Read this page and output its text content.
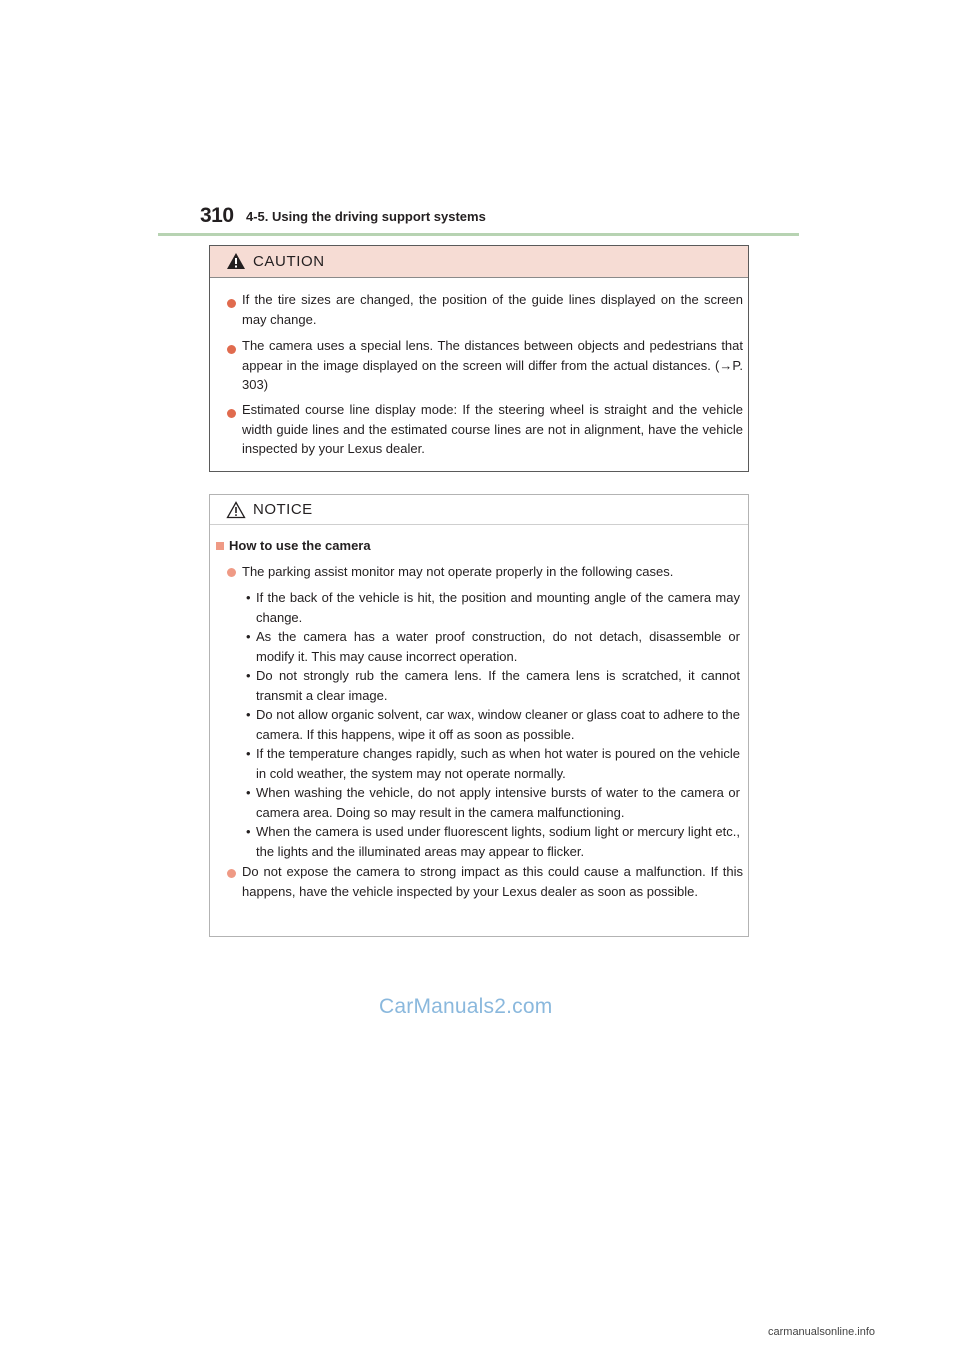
310 4-5. Using the driving support systems
CAUTION
If the tire sizes are changed, the position of the guide lines displayed on the screen may change.
The camera uses a special lens. The distances between objects and pedestrians that appear in the image displayed on the screen will differ from the actual distances. (→P. 303)
Estimated course line display mode: If the steering wheel is straight and the vehicle width guide lines and the estimated course lines are not in alignment, have the vehicle inspected by your Lexus dealer.
NOTICE
How to use the camera
The parking assist monitor may not operate properly in the following cases.
• If the back of the vehicle is hit, the position and mounting angle of the camera may change.
• As the camera has a water proof construction, do not detach, disassemble or modify it. This may cause incorrect operation.
• Do not strongly rub the camera lens. If the camera lens is scratched, it cannot transmit a clear image.
• Do not allow organic solvent, car wax, window cleaner or glass coat to adhere to the camera. If this happens, wipe it off as soon as possible.
• If the temperature changes rapidly, such as when hot water is poured on the vehicle in cold weather, the system may not operate normally.
• When washing the vehicle, do not apply intensive bursts of water to the camera or camera area. Doing so may result in the camera malfunctioning.
• When the camera is used under fluorescent lights, sodium light or mercury light etc., the lights and the illuminated areas may appear to flicker.
Do not expose the camera to strong impact as this could cause a malfunction. If this happens, have the vehicle inspected by your Lexus dealer as soon as possible.
CarManuals2.com
carmanualsonline.info
